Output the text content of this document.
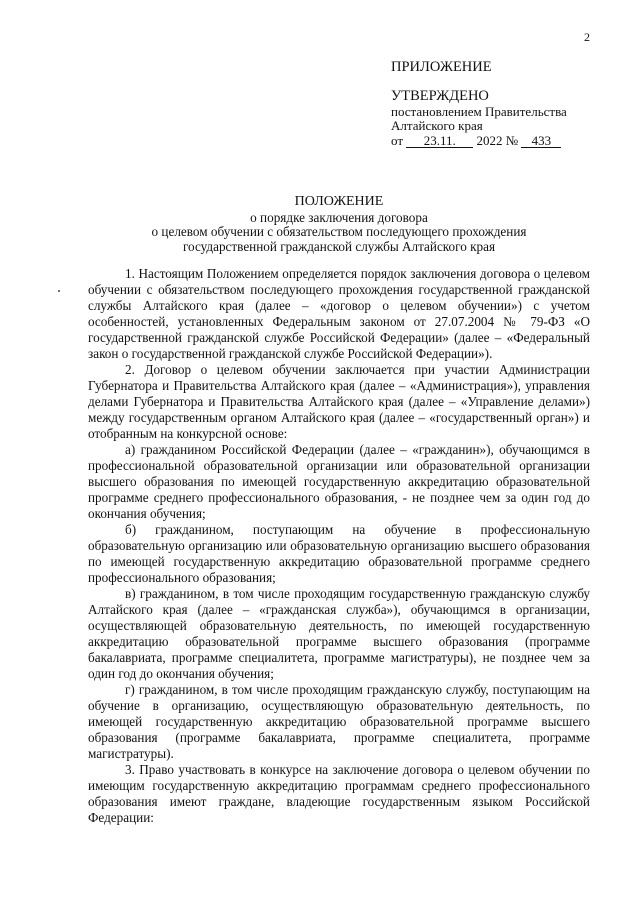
2
ПРИЛОЖЕНИЕ
УТВЕРЖДЕНО
постановлением Правительства
Алтайского края
от 23.11. 2022 № 433
ПОЛОЖЕНИЕ
о порядке заключения договора
о целевом обучении с обязательством последующего прохождения
государственной гражданской службы Алтайского края

1. Настоящим Положением определяется порядок заключения договора о целевом обучении с обязательством последующего прохождения государственной гражданской службы Алтайского края (далее – «договор о целевом обучении») с учетом особенностей, установленных Федеральным законом от 27.07.2004 № 79-ФЗ «О государственной гражданской службе Российской Федерации» (далее – «Федеральный закон о государственной гражданской службе Российской Федерации»).

2. Договор о целевом обучении заключается при участии Администрации Губернатора и Правительства Алтайского края (далее – «Администрация»), управления делами Губернатора и Правительства Алтайского края (далее – «Управление делами») между государственным органом Алтайского края (далее – «государственный орган») и отобранным на конкурсной основе:

а) гражданином Российской Федерации (далее – «гражданин»), обучающимся в профессиональной образовательной организации или образовательной организации высшего образования по имеющей государственную аккредитацию образовательной программе среднего профессионального образования, - не позднее чем за один год до окончания обучения;

б) гражданином, поступающим на обучение в профессиональную образовательную организацию или образовательную организацию высшего образования по имеющей государственную аккредитацию образовательной программе среднего профессионального образования;

в) гражданином, в том числе проходящим государственную гражданскую службу Алтайского края (далее – «гражданская служба»), обучающимся в организации, осуществляющей образовательную деятельность, по имеющей государственную аккредитацию образовательной программе высшего образования (программе бакалавриата, программе специалитета, программе магистратуры), не позднее чем за один год до окончания обучения;

г) гражданином, в том числе проходящим гражданскую службу, поступающим на обучение в организацию, осуществляющую образовательную деятельность, по имеющей государственную аккредитацию образовательной программе высшего образования (программе бакалавриата, программе специалитета, программе магистратуры).

3. Право участвовать в конкурсе на заключение договора о целевом обучении по имеющим государственную аккредитацию программам среднего профессионального образования имеют граждане, владеющие государственным языком Российской Федерации:
